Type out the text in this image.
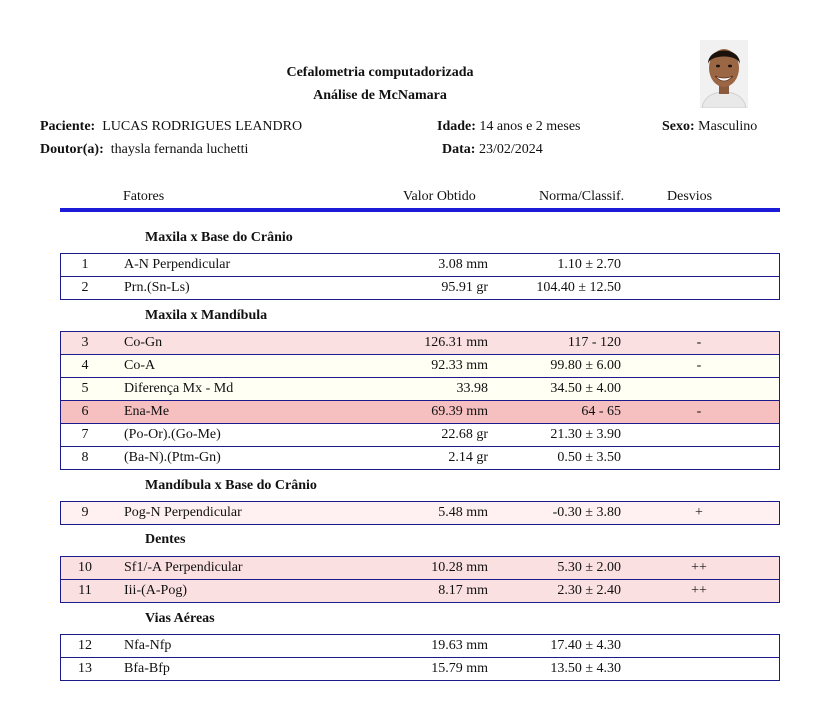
Cefalometria computadorizada
Análise de McNamara
Paciente: LUCAS RODRIGUES LEANDRO	Idade: 14 anos e 2 meses	Sexo: Masculino
Doutor(a): thaysla fernanda luchetti	Data: 23/02/2024
Fatores	Valor Obtido	Norma/Classif.	Desvios
Maxila x Base do Crânio
1	A-N Perpendicular	3.08 mm	1.10 ± 2.70
2	Prn.(Sn-Ls)	95.91 gr	104.40 ± 12.50
Maxila x Mandíbula
3	Co-Gn	126.31 mm	117 - 120	-
4	Co-A	92.33 mm	99.80 ± 6.00	-
5	Diferença Mx - Md	33.98	34.50 ± 4.00
6	Ena-Me	69.39 mm	64 - 65	-
7	(Po-Or).(Go-Me)	22.68 gr	21.30 ± 3.90
8	(Ba-N).(Ptm-Gn)	2.14 gr	0.50 ± 3.50
Mandíbula x Base do Crânio
9	Pog-N Perpendicular	5.48 mm	-0.30 ± 3.80	+
Dentes
10	Sf1/-A Perpendicular	10.28 mm	5.30 ± 2.00	++
11	Iii-(A-Pog)	8.17 mm	2.30 ± 2.40	++
Vias Aéreas
12	Nfa-Nfp	19.63 mm	17.40 ± 4.30
13	Bfa-Bfp	15.79 mm	13.50 ± 4.30
